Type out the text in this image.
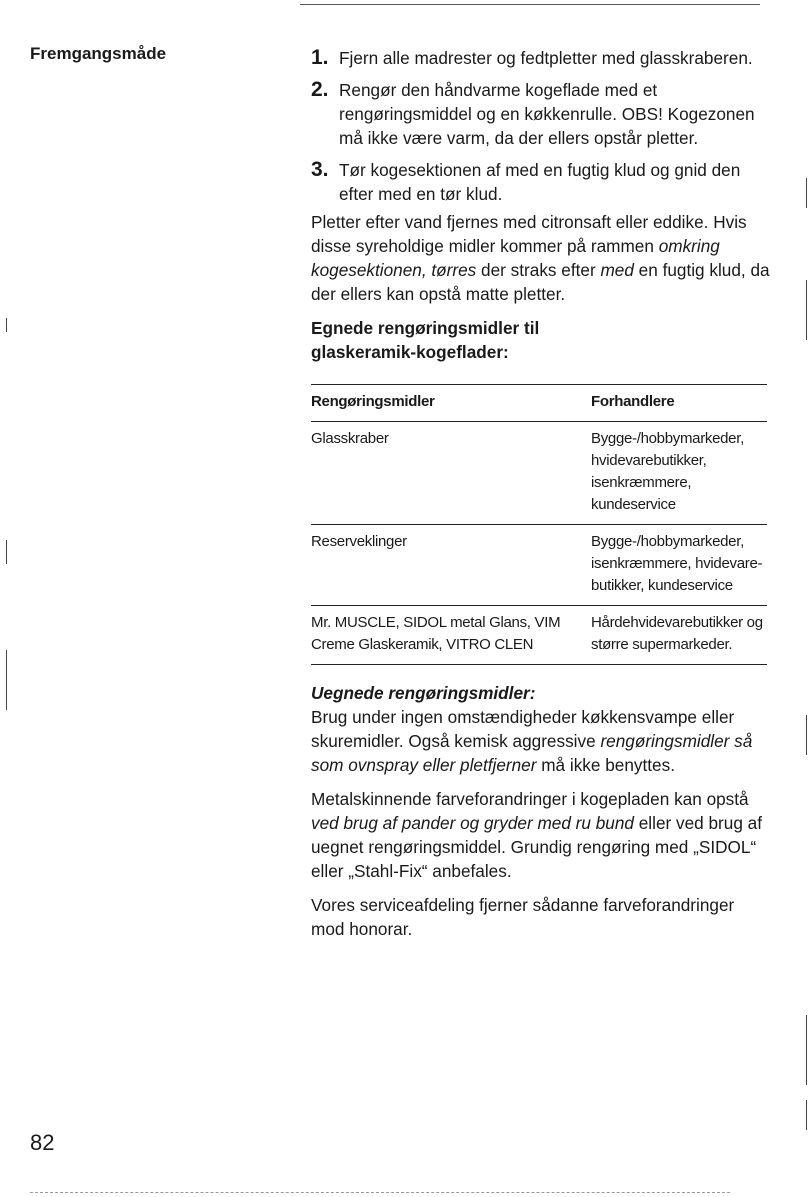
Fremgangsmåde
82
1. Fjern alle madrester og fedtpletter med glasskraberen.
2. Rengør den håndvarme kogeflade med et rengøringsmiddel og en køkkenrulle. OBS! Kogezonen må ikke være varm, da der ellers opstår pletter.
3. Tør kogesektionen af med en fugtig klud og gnid den efter med en tør klud.

Pletter efter vand fjernes med citronsaft eller eddike. Hvis disse syreholdige midler kommer på rammen omkring kogesektionen, tørres der straks efter med en fugtig klud, da der ellers kan opstå matte pletter.

Egnede rengøringsmidler til glaskeramik-kogeflader:
Rengøringsmidler	Forhandlere
Glasskraber	Bygge-/hobbymarkeder, hvidevarebutikker, isenkræmmere, kundeservice
Reserveklinger	Bygge-/hobbymarkeder, isenkræmmere, hvidevare-butikker, kundeservice
Mr. MUSCLE, SIDOL metal Glans, VIM Creme Glaskeramik, VITRO CLEN	Hårdehvidevarebutikker og større supermarkeder.
Uegnede rengøringsmidler:

Brug under ingen omstændigheder køkkensvampe eller skuremidler. Også kemisk aggressive rengøringsmidler så som ovnspray eller pletfjerner må ikke benyttes.

Metalskinnende farveforandringer i kogepladen kan opstå ved brug af pander og gryder med ru bund eller ved brug af uegnet rengøringsmiddel. Grundig rengøring med „SIDOL“ eller „Stahl-Fix“ anbefales.

Vores serviceafdeling fjerner sådanne farveforandringer mod honorar.
